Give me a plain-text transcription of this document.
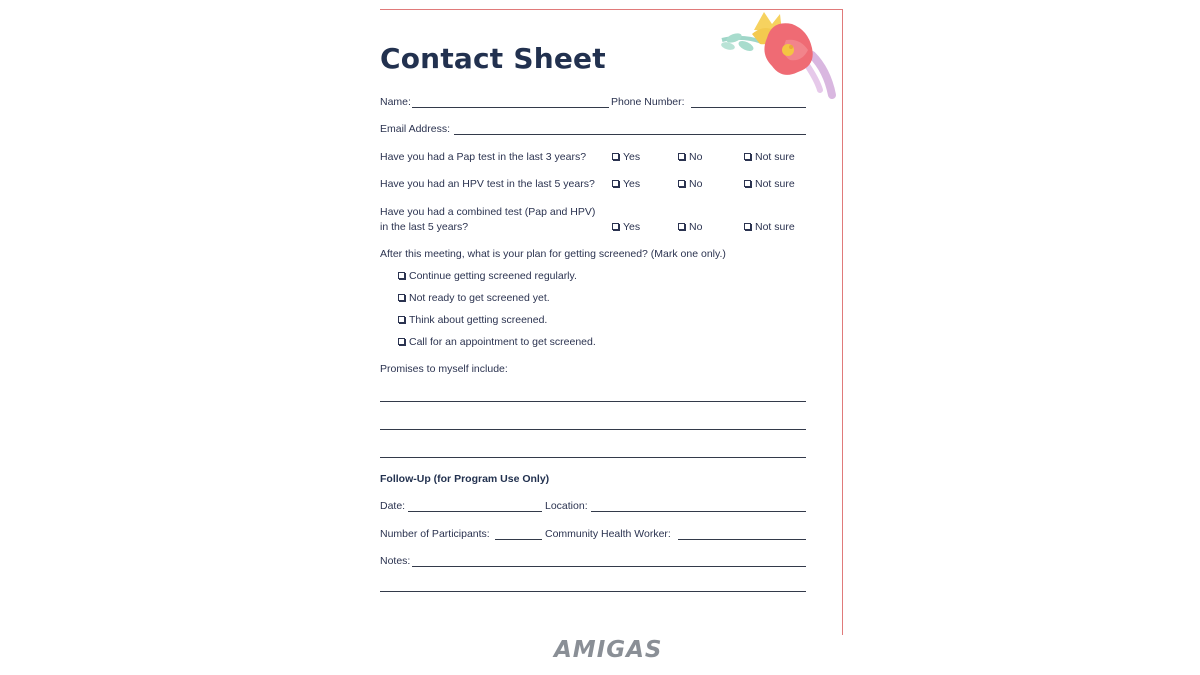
Contact Sheet
Name:	Phone Number:
Email Address:
Have you had a Pap test in the last 3 years?	Yes	No	Not sure
Have you had an HPV test in the last 5 years?	Yes	No	Not sure
Have you had a combined test (Pap and HPV)
in the last 5 years?	Yes	No	Not sure
After this meeting, what is your plan for getting screened? (Mark one only.)
Continue getting screened regularly.
Not ready to get screened yet.
Think about getting screened.
Call for an appointment to get screened.
Promises to myself include:
Follow-Up (for Program Use Only)
Date:	Location:
Number of Participants:	Community Health Worker:
Notes:
AMIGAS
